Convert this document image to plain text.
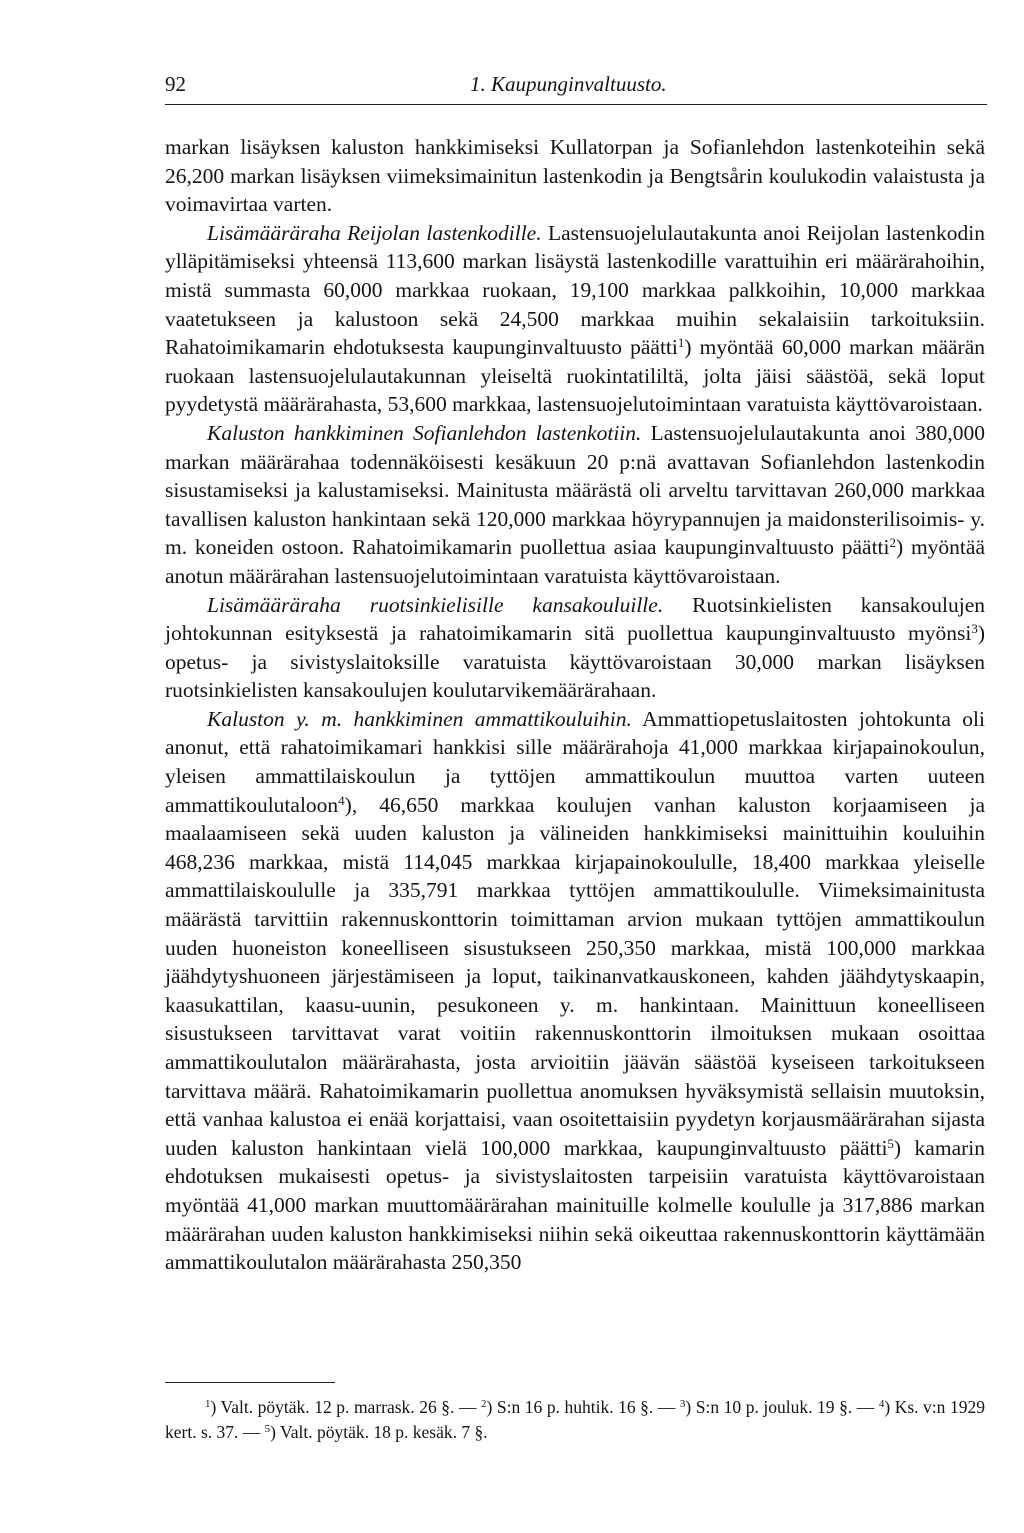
92	1. Kaupunginvaltuusto.

markan lisäyksen kaluston hankkimiseksi Kullatorpan ja Sofianlehdon lastenkoteihin sekä 26,200 markan lisäyksen viimeksimainitun lastenkodin ja Bengtsårin koulukodin valaistusta ja voimavirtaa varten.

Lisämääräraha Reijolan lastenkodille. Lastensuojelulautakunta anoi Reijolan lastenkodin ylläpitämiseksi yhteensä 113,600 markan lisäystä lastenkodille varattuihin eri määrärahoihin, mistä summasta 60,000 markkaa ruokaan, 19,100 markkaa palkkoihin, 10,000 markkaa vaatetukseen ja kalustoon sekä 24,500 markkaa muihin sekalaisiin tarkoituksiin. Rahatoimikamarin ehdotuksesta kaupunginvaltuusto päätti$^1$) myöntää 60,000 markan määrän ruokaan lastensuojelulautakunnan yleiseltä ruokintatililtä, jolta jäisi säästöä, sekä loput pyydetystä määrärahasta, 53,600 markkaa, lastensuojelutoimintaan varatuista käyttövaroistaan.

Kaluston hankkiminen Sofianlehdon lastenkotiin. Lastensuojelulautakunta anoi 380,000 markan määrärahaa todennäköisesti kesäkuun 20 p:nä avattavan Sofianlehdon lastenkodin sisustamiseksi ja kalustamiseksi. Mainitusta määrästä oli arveltu tarvittavan 260,000 markkaa tavallisen kaluston hankintaan sekä 120,000 markkaa höyrypannujen ja maidonsterilisoimis- y. m. koneiden ostoon. Rahatoimikamarin puollettua asiaa kaupunginvaltuusto päätti$^2$) myöntää anotun määrärahan lastensuojelutoimintaan varatuista käyttövaroistaan.

Lisämääräraha ruotsinkielisille kansakouluille. Ruotsinkielisten kansakoulujen johtokunnan esityksestä ja rahatoimikamarin sitä puollettua kaupunginvaltuusto myönsi$^3$) opetus- ja sivistyslaitoksille varatuista käyttövaroistaan 30,000 markan lisäyksen ruotsinkielisten kansakoulujen koulutarvikemäärärahaan.

Kaluston y. m. hankkiminen ammattikouluihin. Ammattiopetuslaitosten johtokunta oli anonut, että rahatoimikamari hankkisi sille määrärahoja 41,000 markkaa kirjapainokoulun, yleisen ammattilaiskoulun ja tyttöjen ammattikoulun muuttoa varten uuteen ammattikoulutaloon$^4$), 46,650 markkaa koulujen vanhan kaluston korjaamiseen ja maalaamiseen sekä uuden kaluston ja välineiden hankkimiseksi mainittuihin kouluihin 468,236 markkaa, mistä 114,045 markkaa kirjapainokoululle, 18,400 markkaa yleiselle ammattilaiskoululle ja 335,791 markkaa tyttöjen ammattikoululle. Viimeksimainitusta määrästä tarvittiin rakennuskonttorin toimittaman arvion mukaan tyttöjen ammattikoulun uuden huoneiston koneelliseen sisustukseen 250,350 markkaa, mistä 100,000 markkaa jäähdytyshuoneen järjestämiseen ja loput, taikinanvatkauskoneen, kahden jäähdytyskaapin, kaasukattilan, kaasu-uunin, pesukoneen y. m. hankintaan. Mainittuun koneelliseen sisustukseen tarvittavat varat voitiin rakennuskonttorin ilmoituksen mukaan osoittaa ammattikoulutalon määrärahasta, josta arvioitiin jäävän säästöä kyseiseen tarkoitukseen tarvittava määrä. Rahatoimikamarin puollettua anomuksen hyväksymistä sellaisin muutoksin, että vanhaa kalustoa ei enää korjattaisi, vaan osoitettaisiin pyydetyn korjausmäärärahan sijasta uuden kaluston hankintaan vielä 100,000 markkaa, kaupunginvaltuusto päätti$^5$) kamarin ehdotuksen mukaisesti opetus- ja sivistyslaitosten tarpeisiin varatuista käyttövaroistaan myöntää 41,000 markan muuttomäärärahan mainituille kolmelle koululle ja 317,886 markan määrärahan uuden kaluston hankkimiseksi niihin sekä oikeuttaa rakennuskonttorin käyttämään ammattikoulutalon määrärahasta 250,350

$^1$) Valt. pöytäk. 12 p. marrask. 26 §. — $^2$) S:n 16 p. huhtik. 16 §. — $^3$) S:n 10 p. jouluk. 19 §. — $^4$) Ks. v:n 1929 kert. s. 37. — $^5$) Valt. pöytäk. 18 p. kesäk. 7 §.
